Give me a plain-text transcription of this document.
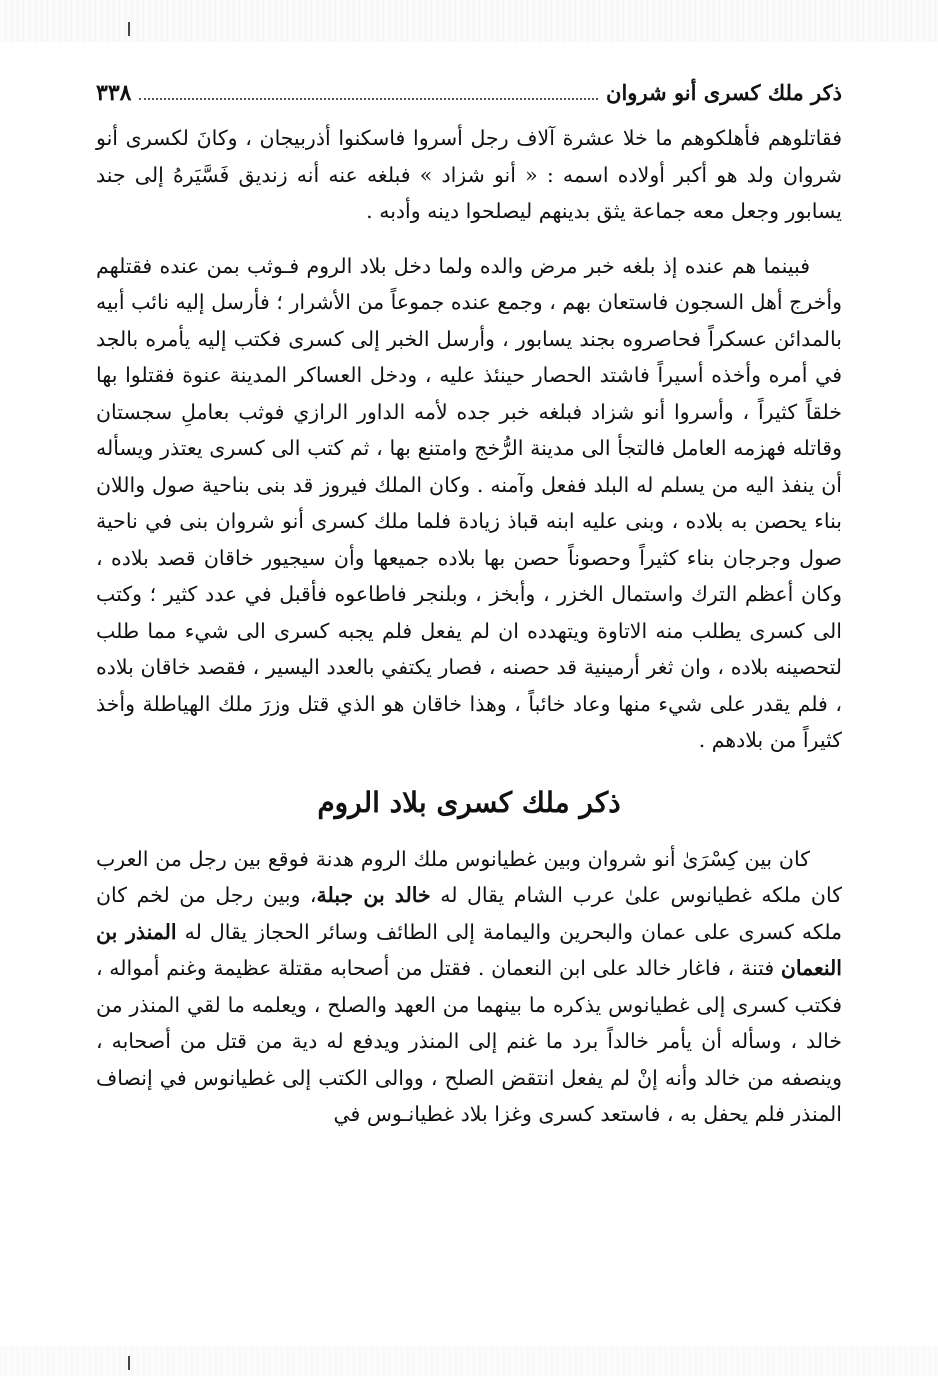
ذكر ملك كسرى أنو شروان
٣٣٨

فقاتلوهم فأهلكوهم ما خلا عشرة آلاف رجل أسروا فاسكنوا أذربيجان ، وكانَ لكسرى أنو شروان ولد هو أكبر أولاده اسمه : « أنو شزاد » فبلغه عنه أنه زنديق فَسَّيَرهُ إلى جند يسابور وجعل معه جماعة يثق بدينهم ليصلحوا دينه وأدبه .

فبينما هم عنده إذ بلغه خبر مرض والده ولما دخل بلاد الروم فـوثب بمن عنده فقتلهم وأخرج أهل السجون فاستعان بهم ، وجمع عنده جموعاً من الأشرار ؛ فأرسل إليه نائب أبيه بالمدائن عسكراً فحاصروه بجند يسابور ، وأرسل الخبر إلى كسرى فكتب إليه يأمره بالجد في أمره وأخذه أسيراً فاشتد الحصار حينئذ عليه ، ودخل العساكر المدينة عنوة فقتلوا بها خلقاً كثيراً ، وأسروا أنو شزاد فبلغه خبر جده لأمه الداور الرازي فوثب بعاملِ سجستان وقاتله فهزمه العامل فالتجأ الى مدينة الرُّخج وامتنع بها ، ثم كتب الى كسرى يعتذر ويسأله أن ينفذ اليه من يسلم له البلد ففعل وآمنه . وكان الملك فيروز قد بنى بناحية صول واللان بناء يحصن به بلاده ، وبنى عليه ابنه قباذ زيادة فلما ملك كسرى أنو شروان بنى في ناحية صول وجرجان بناء كثيراً وحصوناً حصن بها بلاده جميعها وأن سيجيور خاقان قصد بلاده ، وكان أعظم الترك واستمال الخزر ، وأبخز ، وبلنجر فاطاعوه فأقبل في عدد كثير ؛ وكتب الى كسرى يطلب منه الاتاوة ويتهدده ان لم يفعل فلم يجبه كسرى الى شيء مما طلب لتحصينه بلاده ، وان ثغر أرمينية قد حصنه ، فصار يكتفي بالعدد اليسير ، فقصد خاقان بلاده ، فلم يقدر على شيء منها وعاد خائباً ، وهذا خاقان هو الذي قتل وزرَ ملك الهياطلة وأخذ كثيراً من بلادهم .

ذكر ملك كسرى بلاد الروم

كان بين كِسْرَىٰ أنو شروان وبين غطيانوس ملك الروم هدنة فوقع بين رجل من العرب كان ملكه غطيانوس علىٰ عرب الشام يقال له خالد بن جبلة، وبين رجل من لخم كان ملكه كسرى على عمان والبحرين واليمامة إلى الطائف وسائر الحجاز يقال له المنذر بن النعمان فتنة ، فاغار خالد على ابن النعمان . فقتل من أصحابه مقتلة عظيمة وغنم أمواله ، فكتب كسرى إلى غطيانوس يذكره ما بينهما من العهد والصلح ، ويعلمه ما لقي المنذر من خالد ، وسأله أن يأمر خالداً برد ما غنم إلى المنذر ويدفع له دية من قتل من أصحابه ، وينصفه من خالد وأنه إنْ لم يفعل انتقض الصلح ، ووالى الكتب إلى غطيانوس في إنصاف المنذر فلم يحفل به ، فاستعد كسرى وغزا بلاد غطيانـوس في
